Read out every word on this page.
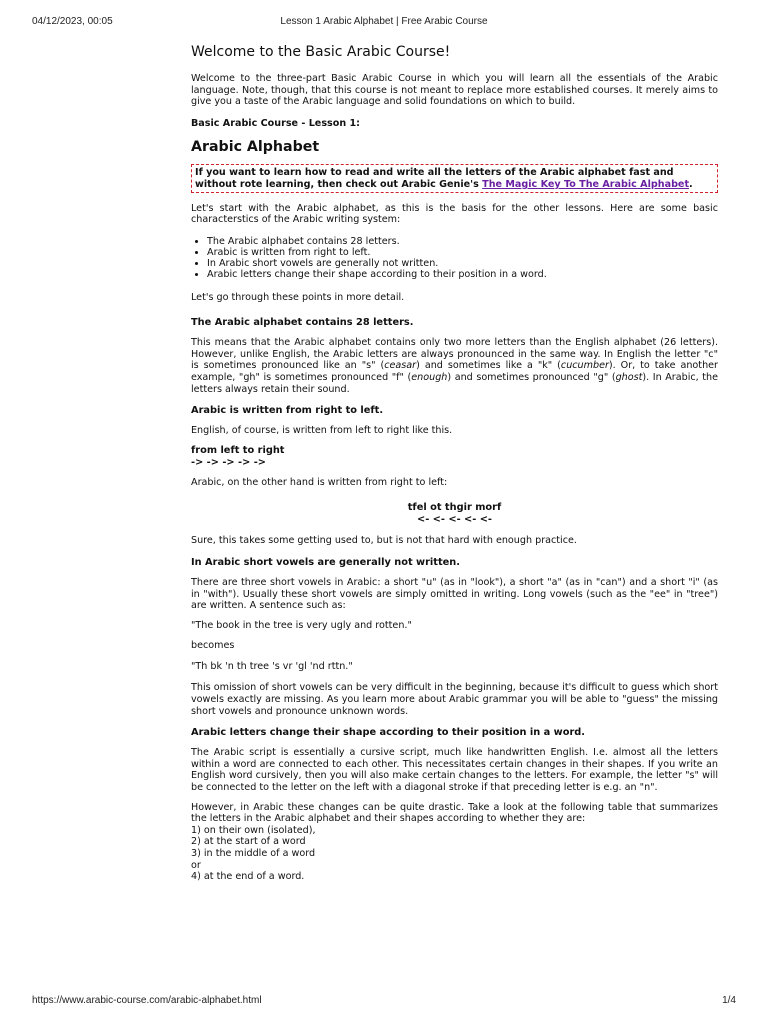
04/12/2023, 00:05	Lesson 1 Arabic Alphabet | Free Arabic Course
Welcome to the Basic Arabic Course!

Welcome to the three-part Basic Arabic Course in which you will learn all the essentials of the Arabic language. Note, though, that this course is not meant to replace more established courses. It merely aims to give you a taste of the Arabic language and solid foundations on which to build.

Basic Arabic Course - Lesson 1:

Arabic Alphabet
If you want to learn how to read and write all the letters of the Arabic alphabet fast and without rote learning, then check out Arabic Genie's The Magic Key To The Arabic Alphabet.

Let's start with the Arabic alphabet, as this is the basis for the other lessons. Here are some basic characterstics of the Arabic writing system:

• The Arabic alphabet contains 28 letters.
• Arabic is written from right to left.
• In Arabic short vowels are generally not written.
• Arabic letters change their shape according to their position in a word.

Let's go through these points in more detail.

The Arabic alphabet contains 28 letters.

This means that the Arabic alphabet contains only two more letters than the English alphabet (26 letters). However, unlike English, the Arabic letters are always pronounced in the same way. In English the letter "c" is sometimes pronounced like an "s" (ceasar) and sometimes like a "k" (cucumber). Or, to take another example, "gh" is sometimes pronounced "f" (enough) and sometimes pronounced "g" (ghost). In Arabic, the letters always retain their sound.

Arabic is written from right to left.

English, of course, is written from left to right like this.

from left to right
-> -> -> -> ->

Arabic, on the other hand is written from right to left:

tfel ot thgir morf
<- <- <- <- <-

Sure, this takes some getting used to, but is not that hard with enough practice.

In Arabic short vowels are generally not written.

There are three short vowels in Arabic: a short "u" (as in "look"), a short "a" (as in "can") and a short "i" (as in "with"). Usually these short vowels are simply omitted in writing. Long vowels (such as the "ee" in "tree") are written. A sentence such as:

"The book in the tree is very ugly and rotten."

becomes

"Th bk 'n th tree 's vr 'gl 'nd rttn."

This omission of short vowels can be very difficult in the beginning, because it's difficult to guess which short vowels exactly are missing. As you learn more about Arabic grammar you will be able to "guess" the missing short vowels and pronounce unknown words.

Arabic letters change their shape according to their position in a word.

The Arabic script is essentially a cursive script, much like handwritten English. I.e. almost all the letters within a word are connected to each other. This necessitates certain changes in their shapes. If you write an English word cursively, then you will also make certain changes to the letters. For example, the letter "s" will be connected to the letter on the left with a diagonal stroke if that preceding letter is e.g. an "n".

However, in Arabic these changes can be quite drastic. Take a look at the following table that summarizes the letters in the Arabic alphabet and their shapes according to whether they are:

1) on their own (isolated),
2) at the start of a word
3) in the middle of a word
or
4) at the end of a word.
https://www.arabic-course.com/arabic-alphabet.html	1/4
